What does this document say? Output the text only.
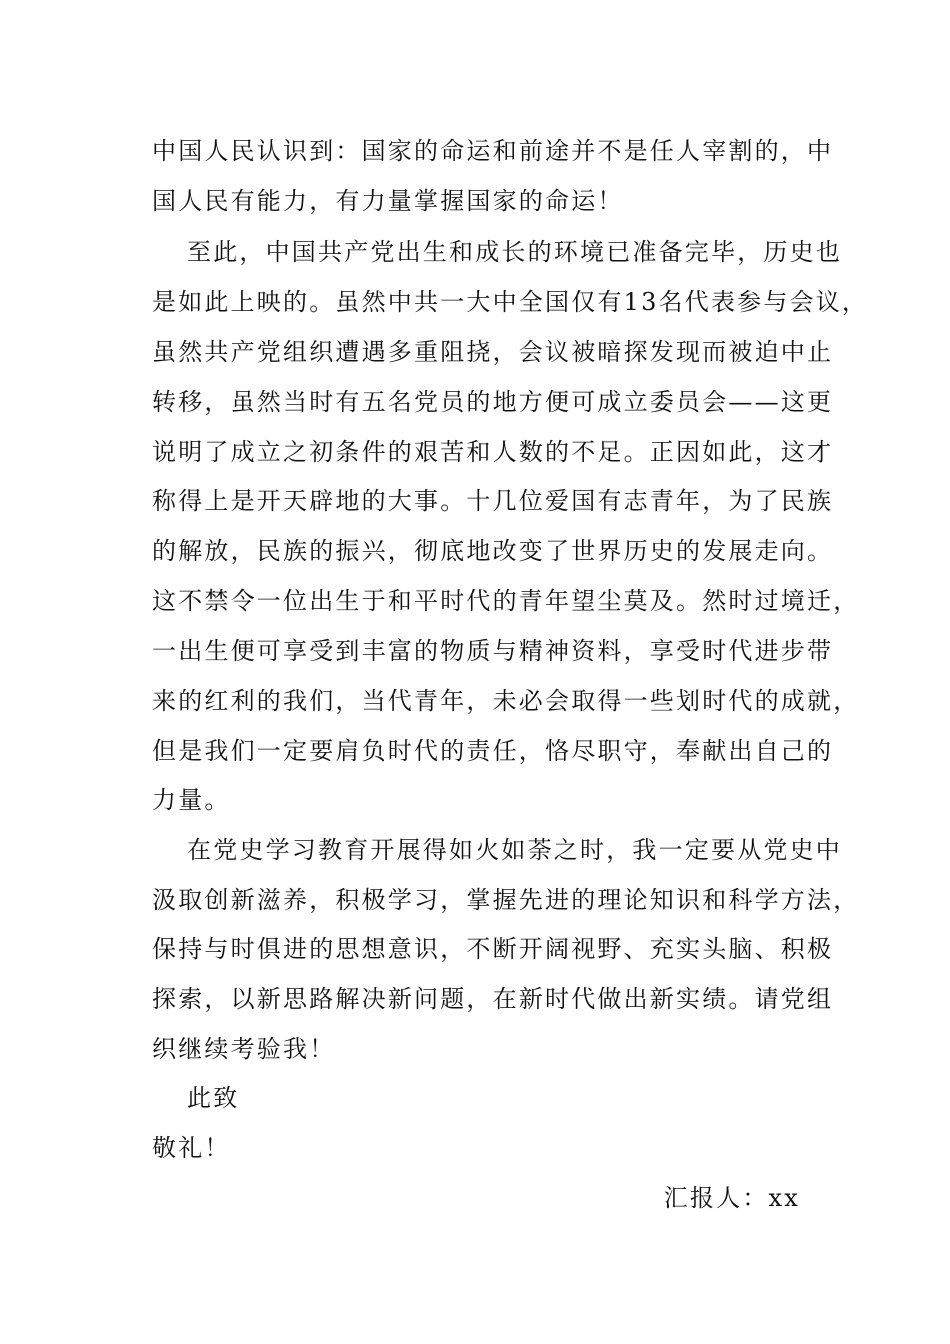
中国人民认识到：国家的命运和前途并不是任人宰割的，中
国人民有能力，有力量掌握国家的命运！
至此，中国共产党出生和成长的环境已准备完毕，历史也
是如此上映的。虽然中共一大中全国仅有13名代表参与会议，
虽然共产党组织遭遇多重阻挠，会议被暗探发现而被迫中止
转移，虽然当时有五名党员的地方便可成立委员会——这更
说明了成立之初条件的艰苦和人数的不足。正因如此，这才
称得上是开天辟地的大事。十几位爱国有志青年，为了民族
的解放，民族的振兴，彻底地改变了世界历史的发展走向。
这不禁令一位出生于和平时代的青年望尘莫及。然时过境迁，
一出生便可享受到丰富的物质与精神资料，享受时代进步带
来的红利的我们，当代青年，未必会取得一些划时代的成就，
但是我们一定要肩负时代的责任，恪尽职守，奉献出自己的
力量。
在党史学习教育开展得如火如荼之时，我一定要从党史中
汲取创新滋养，积极学习，掌握先进的理论知识和科学方法，
保持与时俱进的思想意识，不断开阔视野、充实头脑、积极
探索，以新思路解决新问题，在新时代做出新实绩。请党组
织继续考验我！
此致
敬礼！
汇报人：xx
